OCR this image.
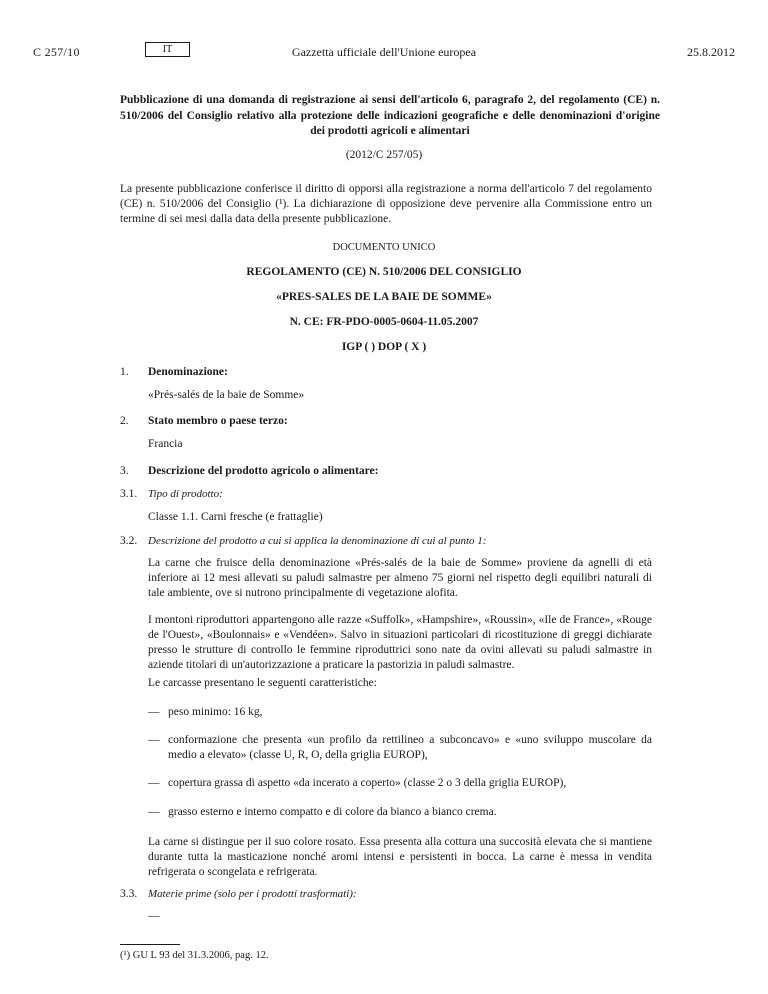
C 257/10	IT	Gazzetta ufficiale dell'Unione europea	25.8.2012
Pubblicazione di una domanda di registrazione ai sensi dell'articolo 6, paragrafo 2, del regolamento (CE) n. 510/2006 del Consiglio relativo alla protezione delle indicazioni geografiche e delle denominazioni d'origine dei prodotti agricoli e alimentari
(2012/C 257/05)
La presente pubblicazione conferisce il diritto di opporsi alla registrazione a norma dell'articolo 7 del regolamento (CE) n. 510/2006 del Consiglio (¹). La dichiarazione di opposizione deve pervenire alla Commissione entro un termine di sei mesi dalla data della presente pubblicazione.
DOCUMENTO UNICO
REGOLAMENTO (CE) N. 510/2006 DEL CONSIGLIO
«PRES-SALES DE LA BAIE DE SOMME»
N. CE: FR-PDO-0005-0604-11.05.2007
IGP ( ) DOP ( X )
1. Denominazione:
«Prés-salés de la baie de Somme»
2. Stato membro o paese terzo:
Francia
3. Descrizione del prodotto agricolo o alimentare:
3.1. Tipo di prodotto:
Classe 1.1. Carni fresche (e frattaglie)
3.2. Descrizione del prodotto a cui si applica la denominazione di cui al punto 1:
La carne che fruisce della denominazione «Prés-salés de la baie de Somme» proviene da agnelli di età inferiore ai 12 mesi allevati su paludi salmastre per almeno 75 giorni nel rispetto degli equilibri naturali di tale ambiente, ove si nutrono principalmente di vegetazione alofita.
I montoni riproduttori appartengono alle razze «Suffolk», «Hampshire», «Roussin», «Ile de France», «Rouge de l'Ouest», «Boulonnais» e «Vendéen». Salvo in situazioni particolari di ricostituzione di greggi dichiarate presso le strutture di controllo le femmine riproduttrici sono nate da ovini allevati su paludi salmastre in aziende titolari di un'autorizzazione a praticare la pastorizia in paludi salmastre.
Le carcasse presentano le seguenti caratteristiche:
— peso minimo: 16 kg,
— conformazione che presenta «un profilo da rettilineo a subconcavo» e «uno sviluppo muscolare da medio a elevato» (classe U, R, O, della griglia EUROP),
— copertura grassa di aspetto «da incerato a coperto» (classe 2 o 3 della griglia EUROP),
— grasso esterno e interno compatto e di colore da bianco a bianco crema.
La carne si distingue per il suo colore rosato. Essa presenta alla cottura una succosità elevata che si mantiene durante tutta la masticazione nonché aromi intensi e persistenti in bocca. La carne è messa in vendita refrigerata o scongelata e refrigerata.
3.3. Materie prime (solo per i prodotti trasformati):
—
(¹) GU L 93 del 31.3.2006, pag. 12.
